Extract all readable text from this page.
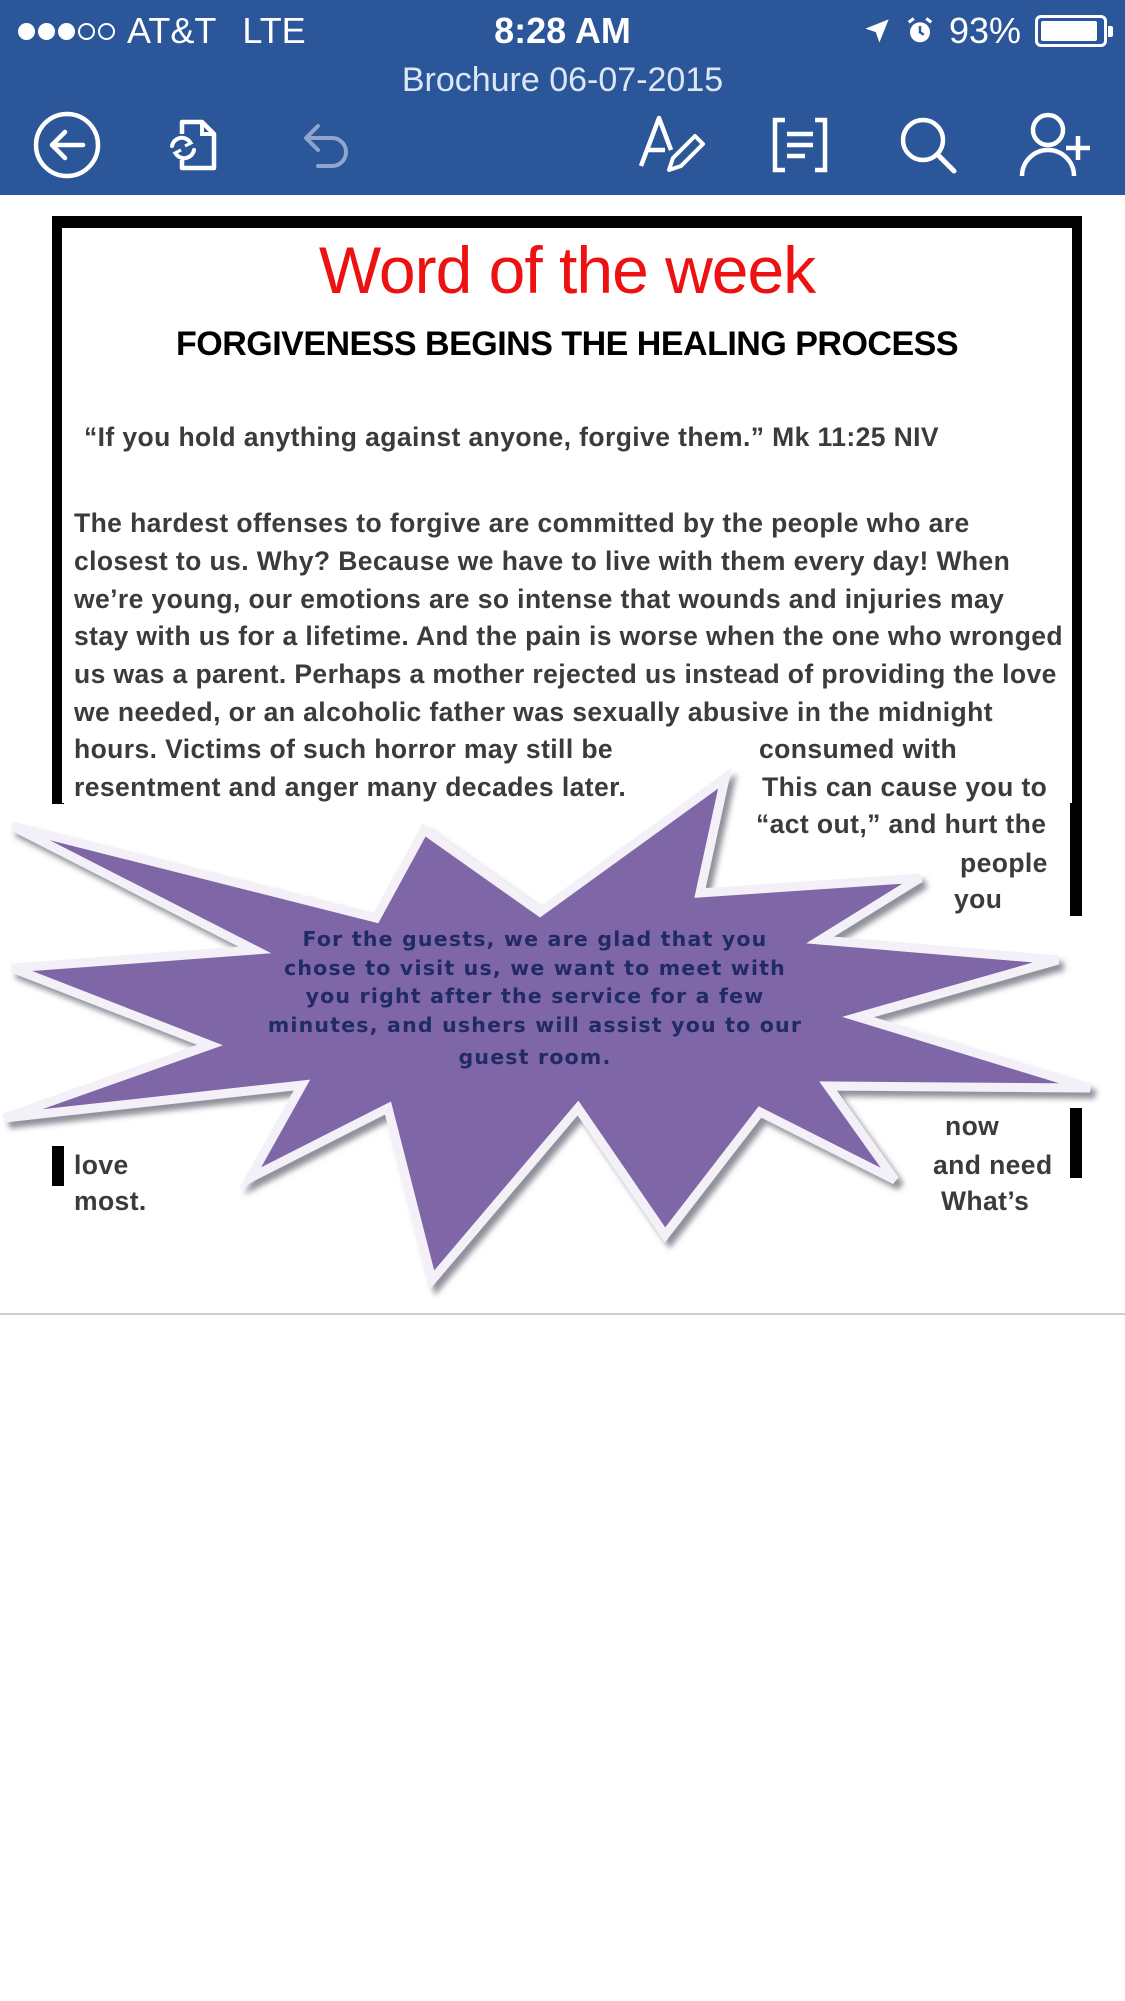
AT&T LTE	8:28 AM	93%
Brochure 06-07-2015
Word of the week
FORGIVENESS BEGINS THE HEALING PROCESS
“If you hold anything against anyone, forgive them.” Mk 11:25 NIV
The hardest offenses to forgive are committed by the people who are
closest to us. Why? Because we have to live with them every day! When
we’re young, our emotions are so intense that wounds and injuries may
stay with us for a lifetime. And the pain is worse when the one who wronged
us was a parent. Perhaps a mother rejected us instead of providing the love
we needed, or an alcoholic father was sexually abusive in the midnight
hours. Victims of such horror may still be
resentment and anger many decades later.
consumed with
This can cause you to
“act out,” and hurt the
people
you
For the guests, we are glad that you
chose to visit us, we want to meet with
you right after the service for a few
minutes, and ushers will assist you to our
guest room.
love
most.
now
and need
What’s
